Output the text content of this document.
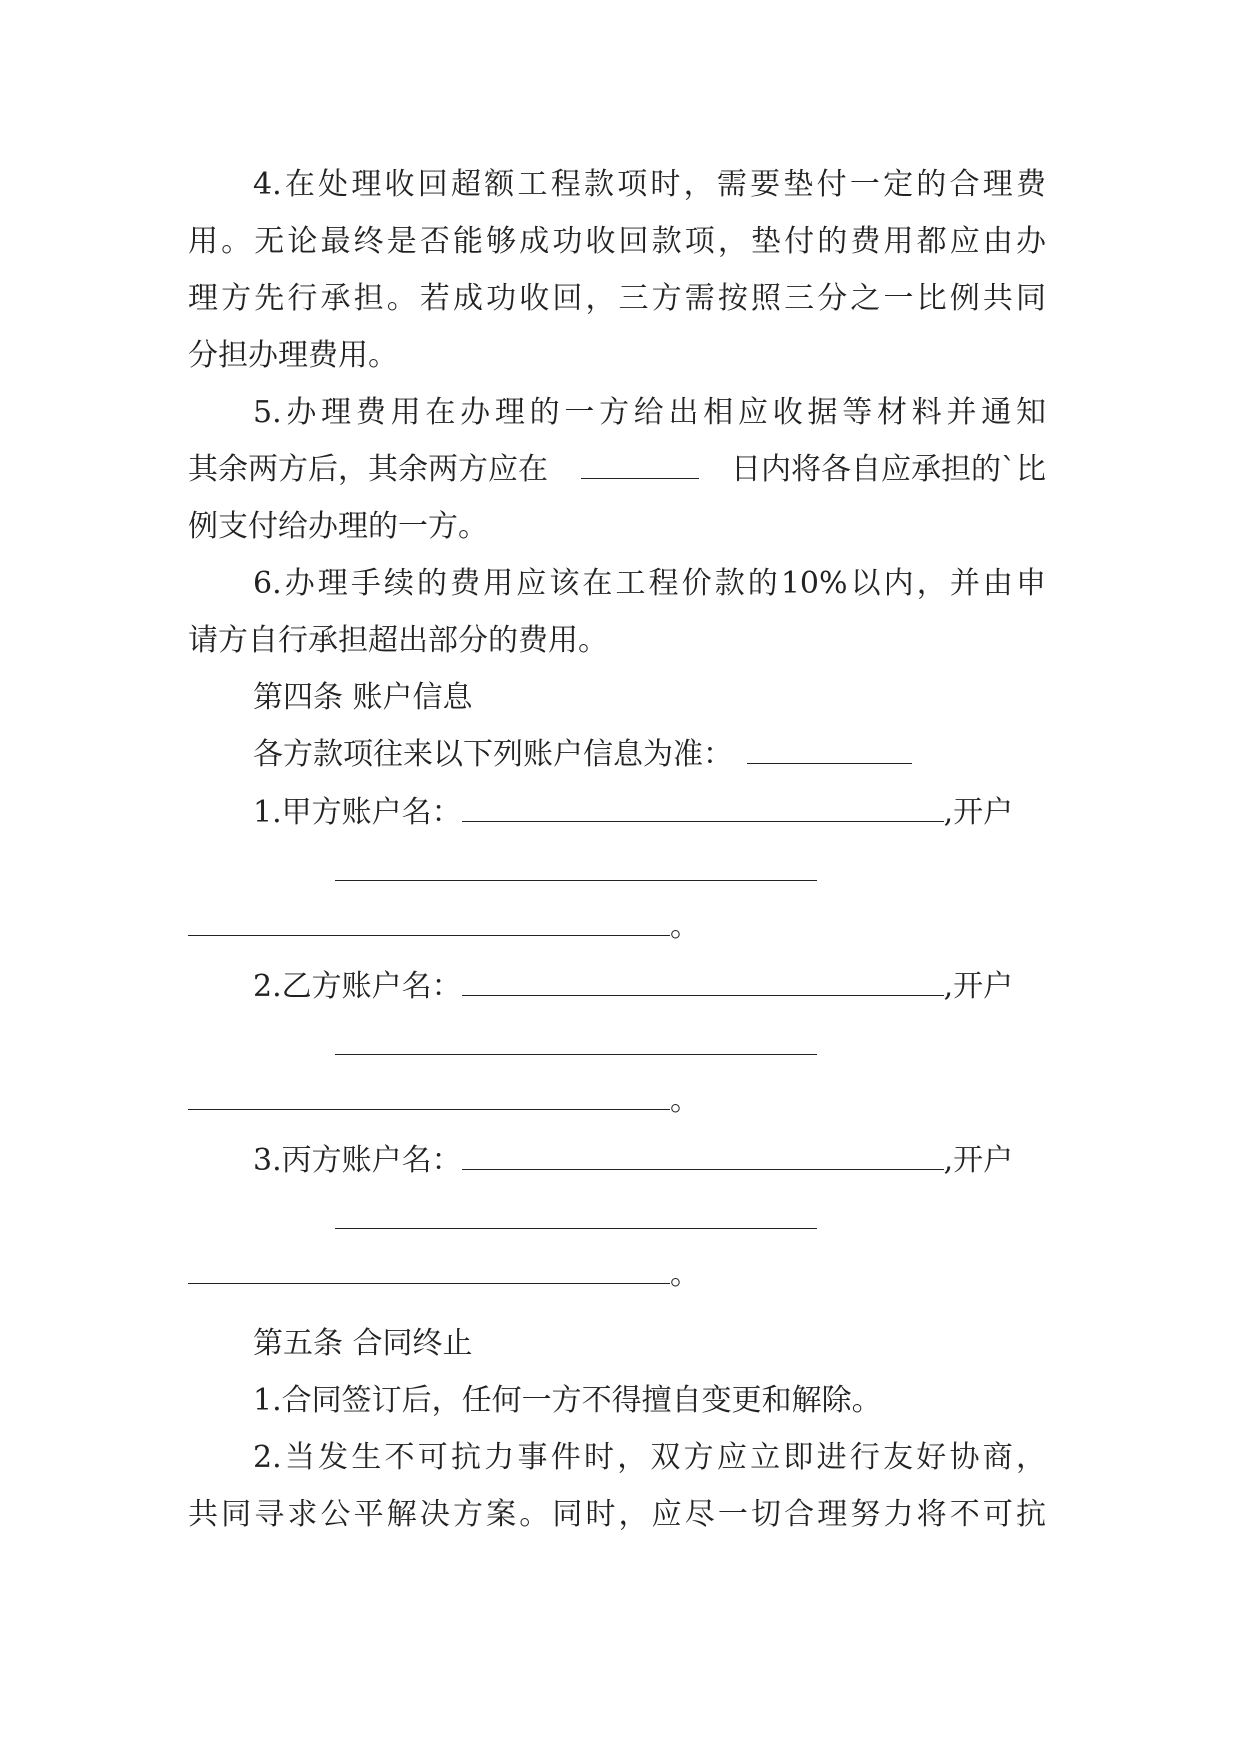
4.在处理收回超额工程款项时，需要垫付一定的合理费
用。无论最终是否能够成功收回款项，垫付的费用都应由办
理方先行承担。若成功收回，三方需按照三分之一比例共同
分担办理费用。
5.办理费用在办理的一方给出相应收据等材料并通知
其余两方后，其余两方应在	日内将各自应承担的`比
例支付给办理的一方。
6.办理手续的费用应该在工程价款的10%以内，并由申
请方自行承担超出部分的费用。
第四条 账户信息
各方款项往来以下列账户信息为准：
1.甲方账户名：	,开户

。
2.乙方账户名：	,开户

。
3.丙方账户名：	,开户

。
第五条 合同终止
1.合同签订后，任何一方不得擅自变更和解除。
2.当发生不可抗力事件时，双方应立即进行友好协商，
共同寻求公平解决方案。同时，应尽一切合理努力将不可抗
